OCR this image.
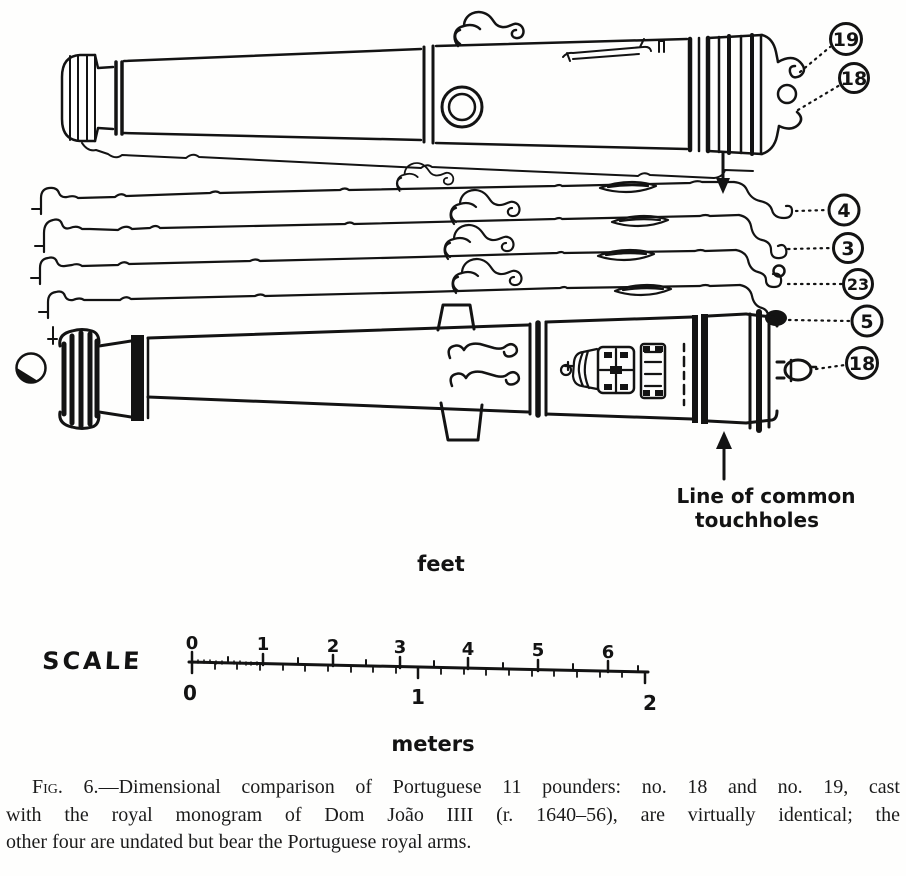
19
18
4
3
23
5
18
Line of common
touchholes
feet
SCALE
0	1	2	3	4	5	6
0	1	2
meters
Fig. 6.—Dimensional comparison of Portuguese 11 pounders: no. 18 and no. 19, cast
with the royal monogram of Dom João IIII (r. 1640–56), are virtually identical; the
other four are undated but bear the Portuguese royal arms.
